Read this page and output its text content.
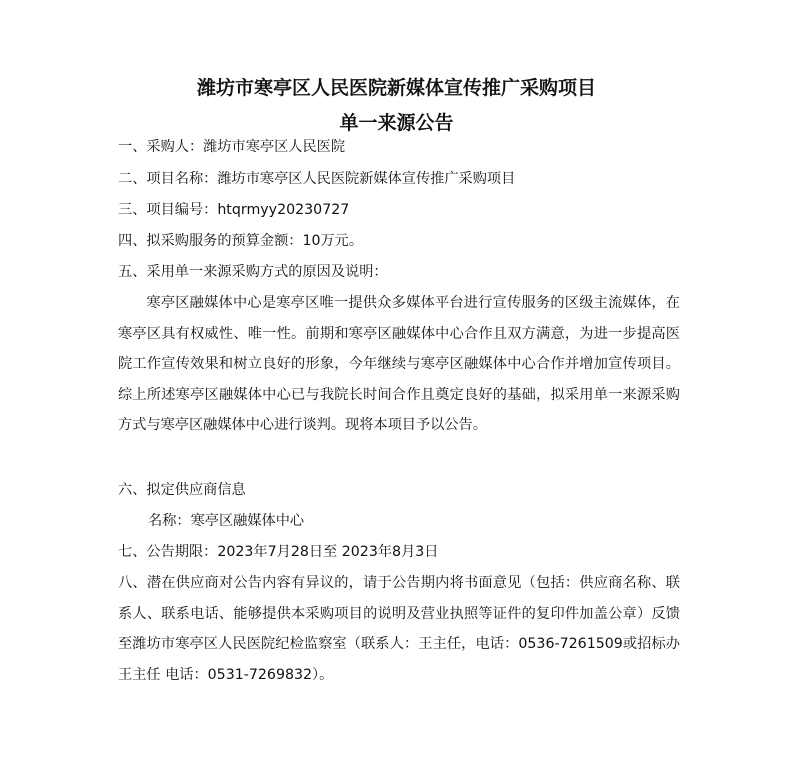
潍坊市寒亭区人民医院新媒体宣传推广采购项目
单一来源公告
一、采购人：潍坊市寒亭区人民医院
二、项目名称：潍坊市寒亭区人民医院新媒体宣传推广采购项目
三、项目编号：htqrmyy20230727
四、拟采购服务的预算金额：10万元。
五、采用单一来源采购方式的原因及说明：
寒亭区融媒体中心是寒亭区唯一提供众多媒体平台进行宣传服务的区级主流媒体，在寒亭区具有权威性、唯一性。前期和寒亭区融媒体中心合作且双方满意，为进一步提高医院工作宣传效果和树立良好的形象，今年继续与寒亭区融媒体中心合作并增加宣传项目。综上所述寒亭区融媒体中心已与我院长时间合作且奠定良好的基础，拟采用单一来源采购方式与寒亭区融媒体中心进行谈判。现将本项目予以公告。
六、拟定供应商信息
名称：寒亭区融媒体中心
七、公告期限：2023年7月28日至 2023年8月3日
八、潜在供应商对公告内容有异议的，请于公告期内将书面意见（包括：供应商名称、联系人、联系电话、能够提供本采购项目的说明及营业执照等证件的复印件加盖公章）反馈至潍坊市寒亭区人民医院纪检监察室（联系人：王主任，电话：0536-7261509或招标办王主任 电话：0531-7269832）。
